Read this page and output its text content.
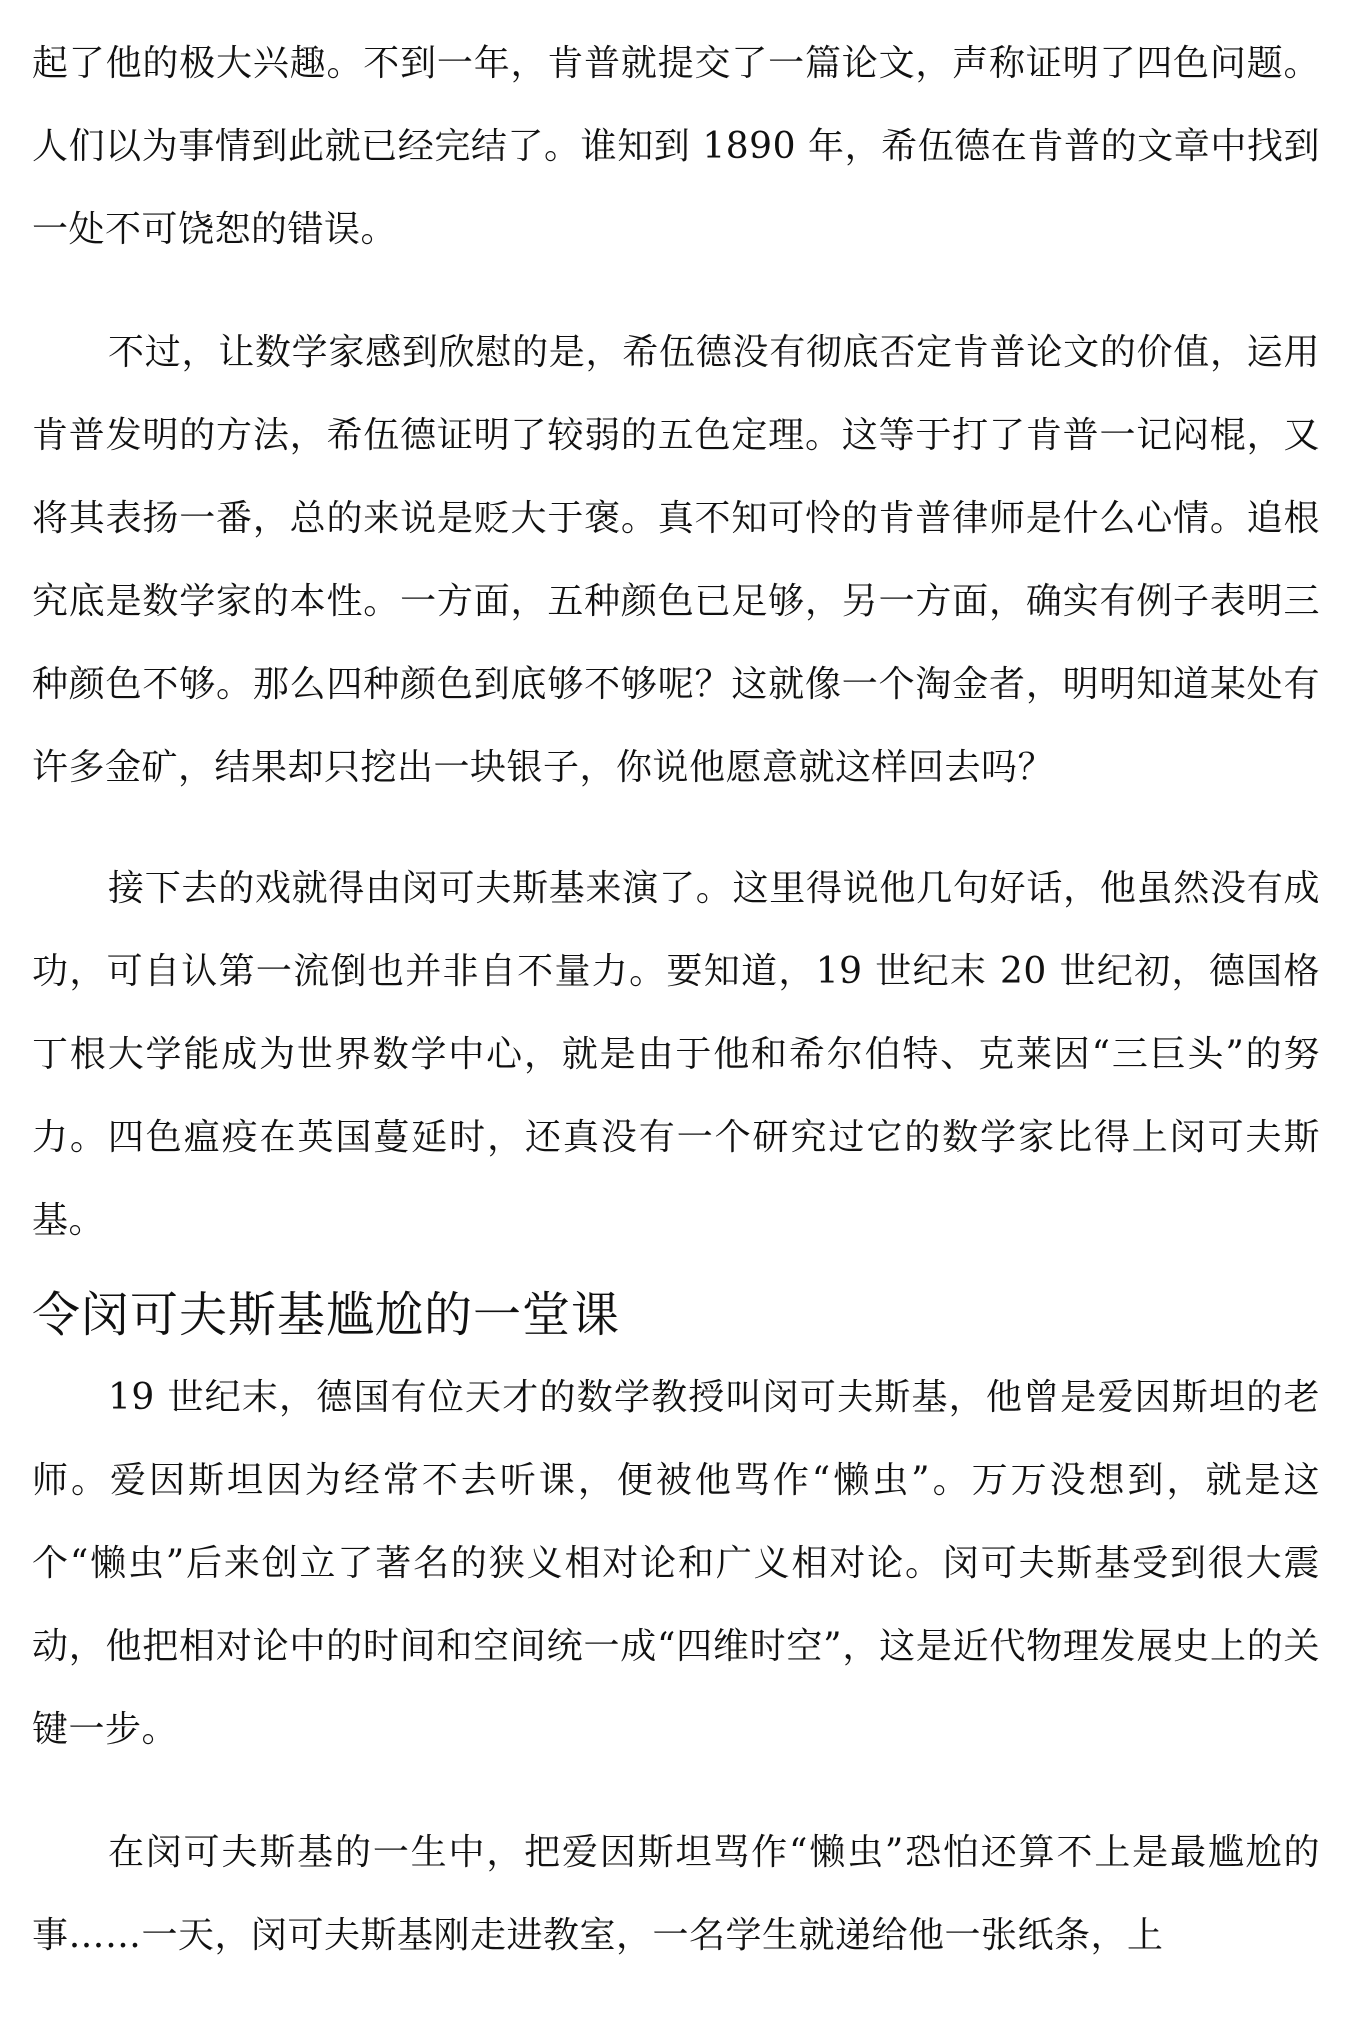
起了他的极大兴趣。不到一年，肯普就提交了一篇论文，声称证明了四色问题。人们以为事情到此就已经完结了。谁知到 1890 年，希伍德在肯普的文章中找到一处不可饶恕的错误。

不过，让数学家感到欣慰的是，希伍德没有彻底否定肯普论文的价值，运用肯普发明的方法，希伍德证明了较弱的五色定理。这等于打了肯普一记闷棍，又将其表扬一番，总的来说是贬大于褒。真不知可怜的肯普律师是什么心情。追根究底是数学家的本性。一方面，五种颜色已足够，另一方面，确实有例子表明三种颜色不够。那么四种颜色到底够不够呢？这就像一个淘金者，明明知道某处有许多金矿，结果却只挖出一块银子，你说他愿意就这样回去吗？

接下去的戏就得由闵可夫斯基来演了。这里得说他几句好话，他虽然没有成功，可自认第一流倒也并非自不量力。要知道，19 世纪末 20 世纪初，德国格丁根大学能成为世界数学中心，就是由于他和希尔伯特、克莱因“三巨头”的努力。四色瘟疫在英国蔓延时，还真没有一个研究过它的数学家比得上闵可夫斯基。

令闵可夫斯基尴尬的一堂课

19 世纪末，德国有位天才的数学教授叫闵可夫斯基，他曾是爱因斯坦的老师。爱因斯坦因为经常不去听课，便被他骂作“懒虫”。万万没想到，就是这个“懒虫”后来创立了著名的狭义相对论和广义相对论。闵可夫斯基受到很大震动，他把相对论中的时间和空间统一成“四维时空”，这是近代物理发展史上的关键一步。

在闵可夫斯基的一生中，把爱因斯坦骂作“懒虫”恐怕还算不上是最尴尬的事……一天，闵可夫斯基刚走进教室，一名学生就递给他一张纸条，上
